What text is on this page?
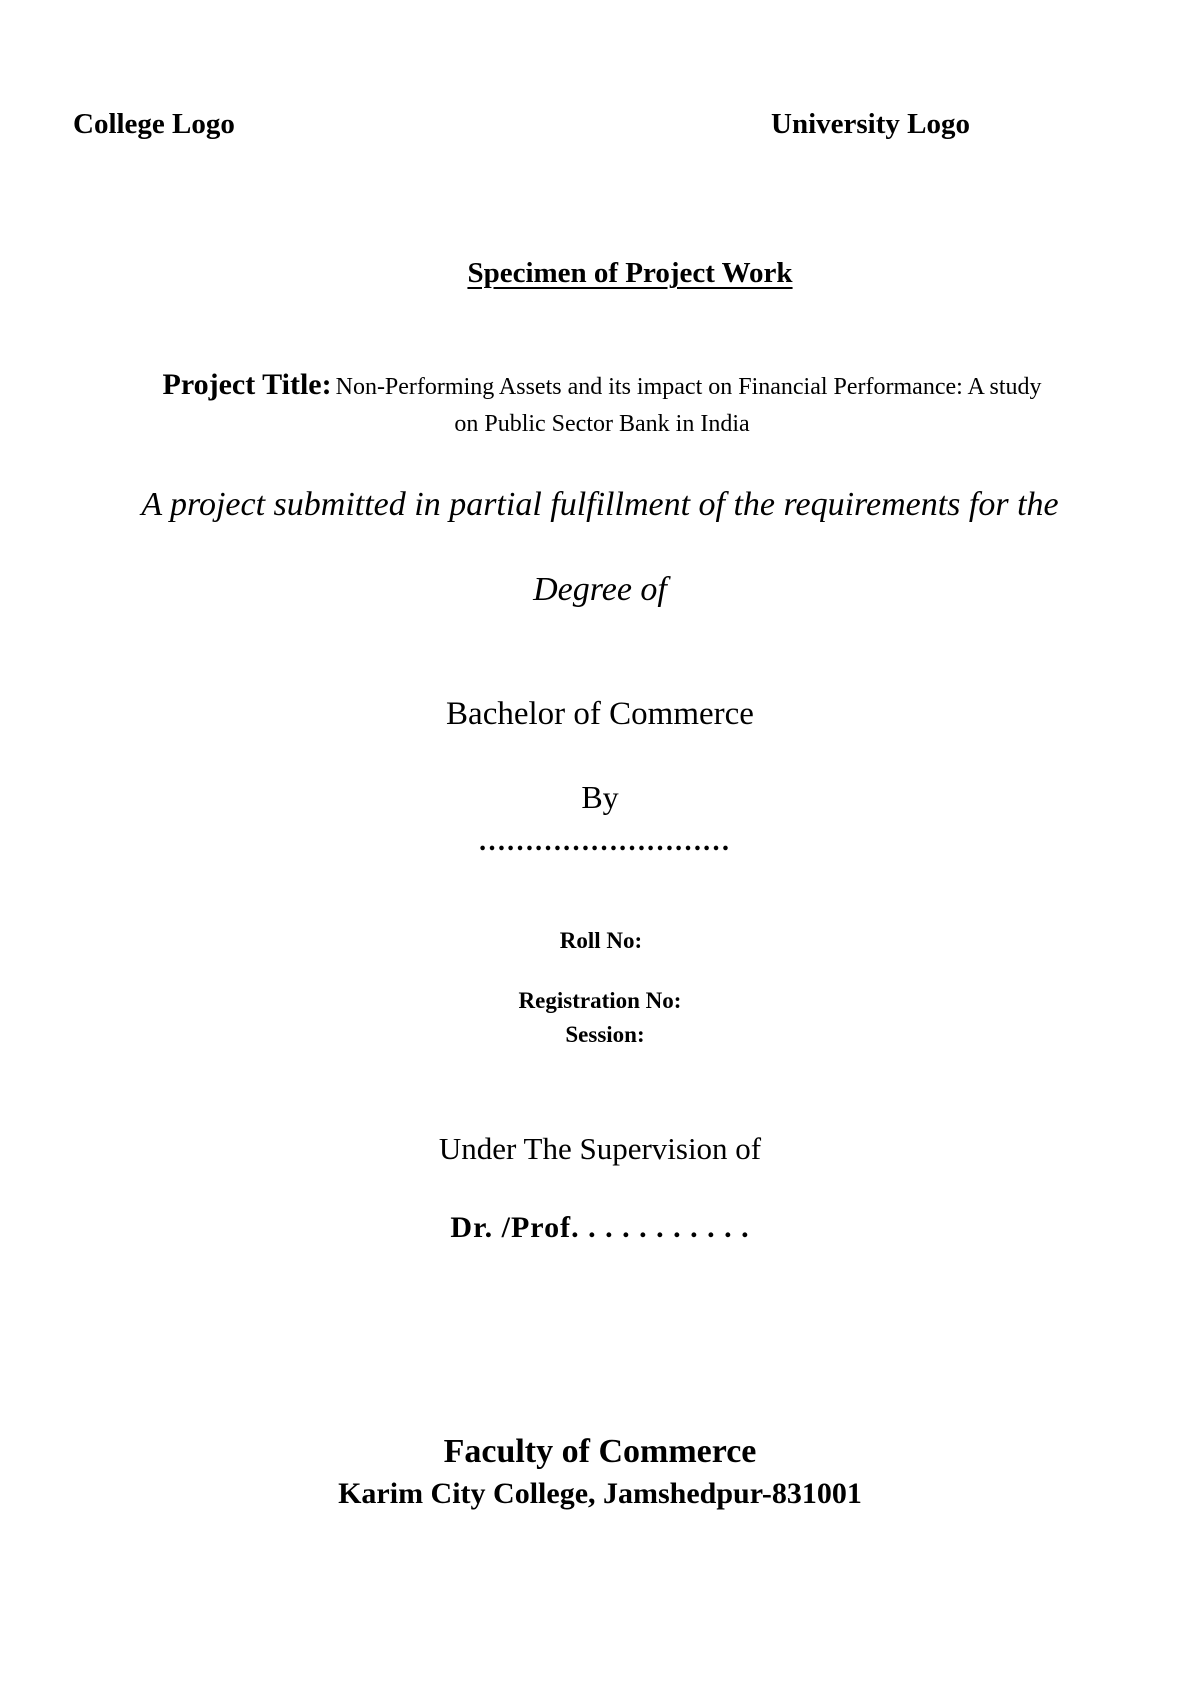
College Logo	University Logo
Specimen of Project Work
Project Title: Non-Performing Assets and its impact on Financial Performance: A study
on Public Sector Bank in India
A project submitted in partial fulfillment of the requirements for the
Degree of
Bachelor of Commerce
By
………………………
Roll No:
Registration No:
Session:
Under The Supervision of
Dr. /Prof. . . . . . . . . . .
Faculty of Commerce
Karim City College, Jamshedpur-831001
